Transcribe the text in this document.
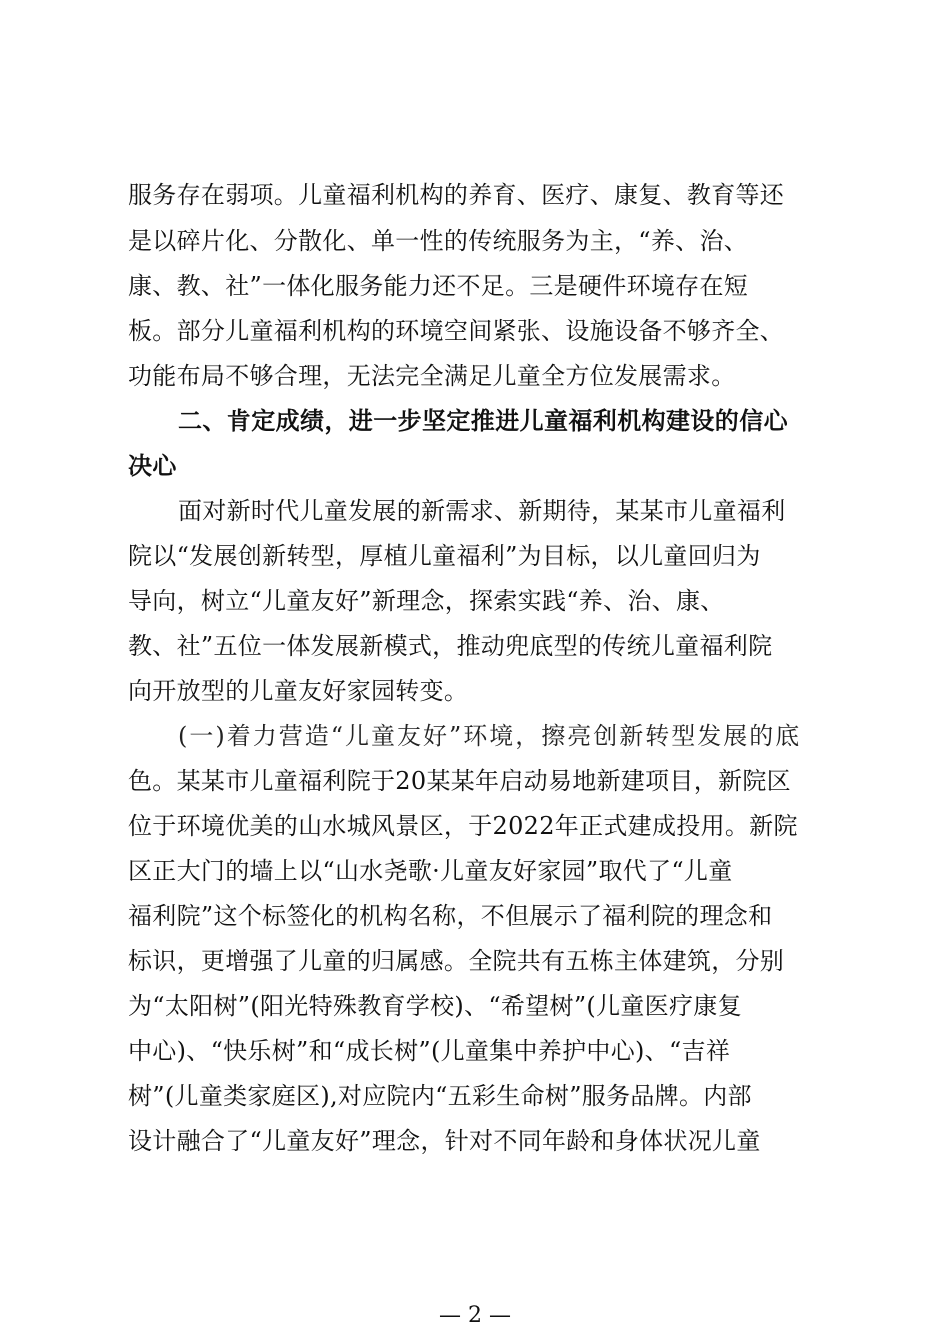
服务存在弱项。儿童福利机构的养育、医疗、康复、教育等还
是以碎片化、分散化、单一性的传统服务为主，“养、治、
康、教、社”一体化服务能力还不足。三是硬件环境存在短
板。部分儿童福利机构的环境空间紧张、设施设备不够齐全、
功能布局不够合理，无法完全满足儿童全方位发展需求。
二、肯定成绩，进一步坚定推进儿童福利机构建设的信心
决心
面对新时代儿童发展的新需求、新期待，某某市儿童福利
院以“发展创新转型，厚植儿童福利”为目标，以儿童回归为
导向，树立“儿童友好”新理念，探索实践“养、治、康、
教、社”五位一体发展新模式，推动兜底型的传统儿童福利院
向开放型的儿童友好家园转变。
(一)着力营造“儿童友好”环境，擦亮创新转型发展的底
色。某某市儿童福利院于20某某年启动易地新建项目，新院区
位于环境优美的山水城风景区，于2022年正式建成投用。新院
区正大门的墙上以“山水尧歌·儿童友好家园”取代了“儿童
福利院”这个标签化的机构名称，不但展示了福利院的理念和
标识，更增强了儿童的归属感。全院共有五栋主体建筑，分别
为“太阳树”(阳光特殊教育学校)、“希望树”(儿童医疗康复
中心)、“快乐树”和“成长树”(儿童集中养护中心)、“吉祥
树”(儿童类家庭区),对应院内“五彩生命树”服务品牌。内部
设计融合了“儿童友好”理念，针对不同年龄和身体状况儿童
— 2 —
